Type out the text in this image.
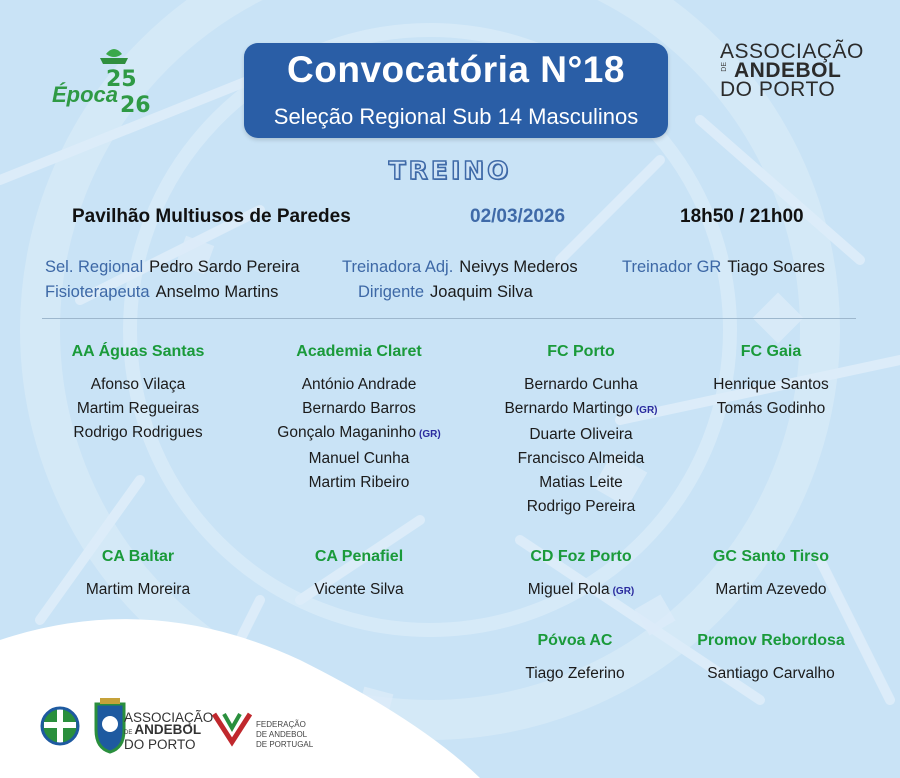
25
26
Época
Convocatória N°18
Seleção Regional Sub 14 Masculinos
ASSOCIAÇÃO
DE ANDEBOL
DO PORTO
TREINO
Pavilhão Multiusos de Paredes	02/03/2026	18h50 / 21h00
Sel. Regional Pedro Sardo Pereira	Treinadora Adj. Neivys Mederos	Treinador GR Tiago Soares
Fisioterapeuta Anselmo Martins	Dirigente Joaquim Silva
AA Águas Santas
Afonso Vilaça
Martim Regueiras
Rodrigo Rodrigues
Academia Claret
António Andrade
Bernardo Barros
Gonçalo Maganinho (GR)
Manuel Cunha
Martim Ribeiro
FC Porto
Bernardo Cunha
Bernardo Martingo (GR)
Duarte Oliveira
Francisco Almeida
Matias Leite
Rodrigo Pereira
FC Gaia
Henrique Santos
Tomás Godinho
CA Baltar
Martim Moreira
CA Penafiel
Vicente Silva
CD Foz Porto
Miguel Rola (GR)
GC Santo Tirso
Martim Azevedo
Póvoa AC
Tiago Zeferino
Promov Rebordosa
Santiago Carvalho
ASSOCIAÇÃO
DE ANDEBOL
DO PORTO
FEDERAÇÃO
DE ANDEBOL
DE PORTUGAL
